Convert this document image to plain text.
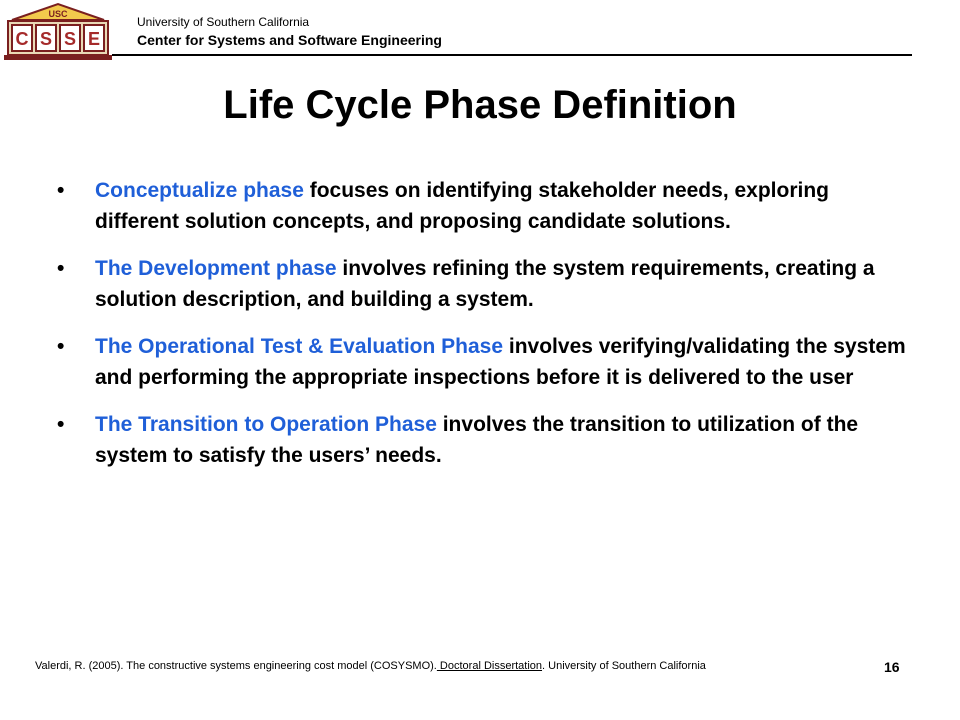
USC
C S S E
University of Southern California
Center for Systems and Software Engineering
Life Cycle Phase Definition
•	Conceptualize phase focuses on identifying stakeholder needs, exploring different solution concepts, and proposing candidate solutions.
•	The Development phase involves refining the system requirements, creating a solution description, and building a system.
•	The Operational Test & Evaluation Phase involves verifying/validating the system and performing the appropriate inspections before it is delivered to the user
•	The Transition to Operation Phase involves the transition to utilization of the system to satisfy the users’ needs.
Valerdi, R. (2005). The constructive systems engineering cost model (COSYSMO). Doctoral Dissertation. University of Southern California	16
